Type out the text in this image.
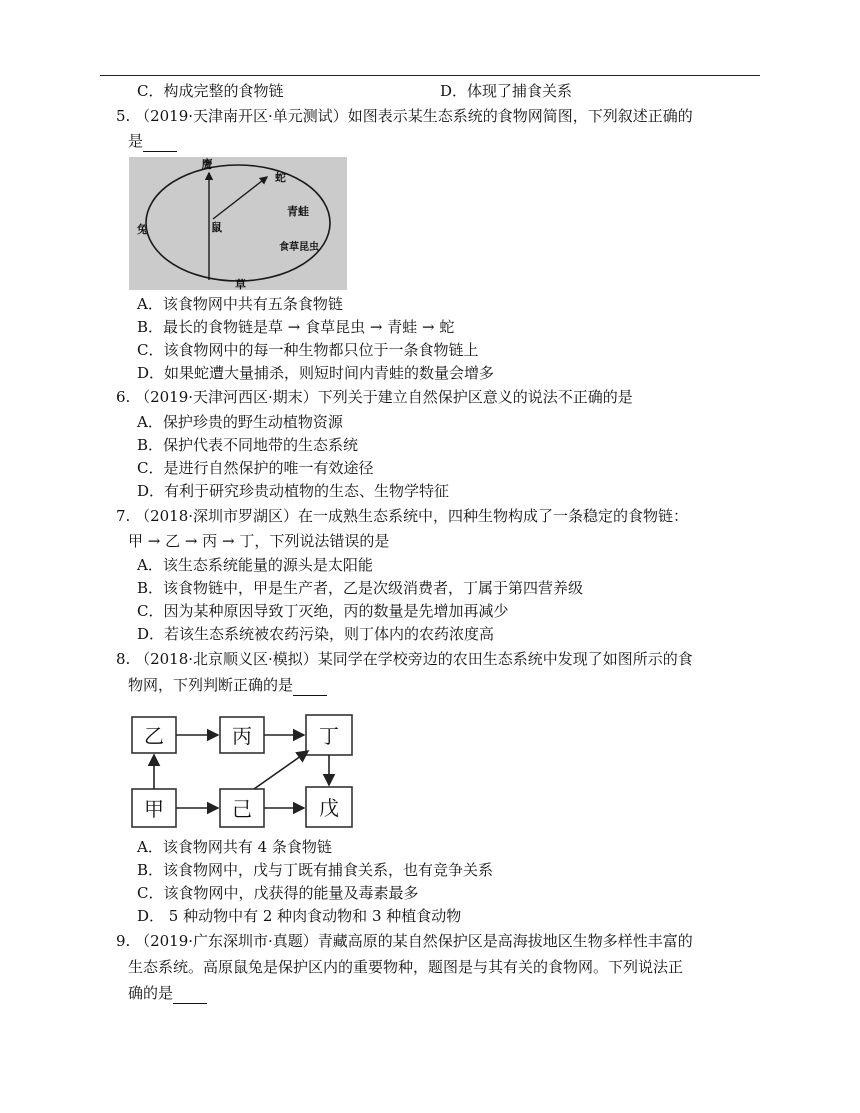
C．构成完整的食物链	D．体现了捕食关系
5. （2019·天津南开区·单元测试）如图表示某生态系统的食物网简图，下列叙述正确的
是
鹰
蛇
青蛙
食草昆虫
草
兔	鼠
A．该食物网中共有五条食物链
B．最长的食物链是草 → 食草昆虫 → 青蛙 → 蛇
C．该食物网中的每一种生物都只位于一条食物链上
D．如果蛇遭大量捕杀，则短时间内青蛙的数量会增多
6. （2019·天津河西区·期末）下列关于建立自然保护区意义的说法不正确的是
A．保护珍贵的野生动植物资源
B．保护代表不同地带的生态系统
C．是进行自然保护的唯一有效途径
D．有利于研究珍贵动植物的生态、生物学特征
7. （2018·深圳市罗湖区）在一成熟生态系统中，四种生物构成了一条稳定的食物链：
甲 → 乙 → 丙 → 丁，下列说法错误的是
A．该生态系统能量的源头是太阳能
B．该食物链中，甲是生产者，乙是次级消费者，丁属于第四营养级
C．因为某种原因导致丁灭绝，丙的数量是先增加再减少
D．若该生态系统被农药污染，则丁体内的农药浓度高
8. （2018·北京顺义区·模拟）某同学在学校旁边的农田生态系统中发现了如图所示的食
物网，下列判断正确的是
乙	丙	丁
甲	己	戊
A．该食物网共有 4 条食物链
B．该食物网中，戊与丁既有捕食关系，也有竞争关系
C．该食物网中，戊获得的能量及毒素最多
D． 5 种动物中有 2 种肉食动物和 3 种植食动物
9. （2019·广东深圳市·真题）青藏高原的某自然保护区是高海拔地区生物多样性丰富的
生态系统。高原鼠兔是保护区内的重要物种，题图是与其有关的食物网。下列说法正
确的是
